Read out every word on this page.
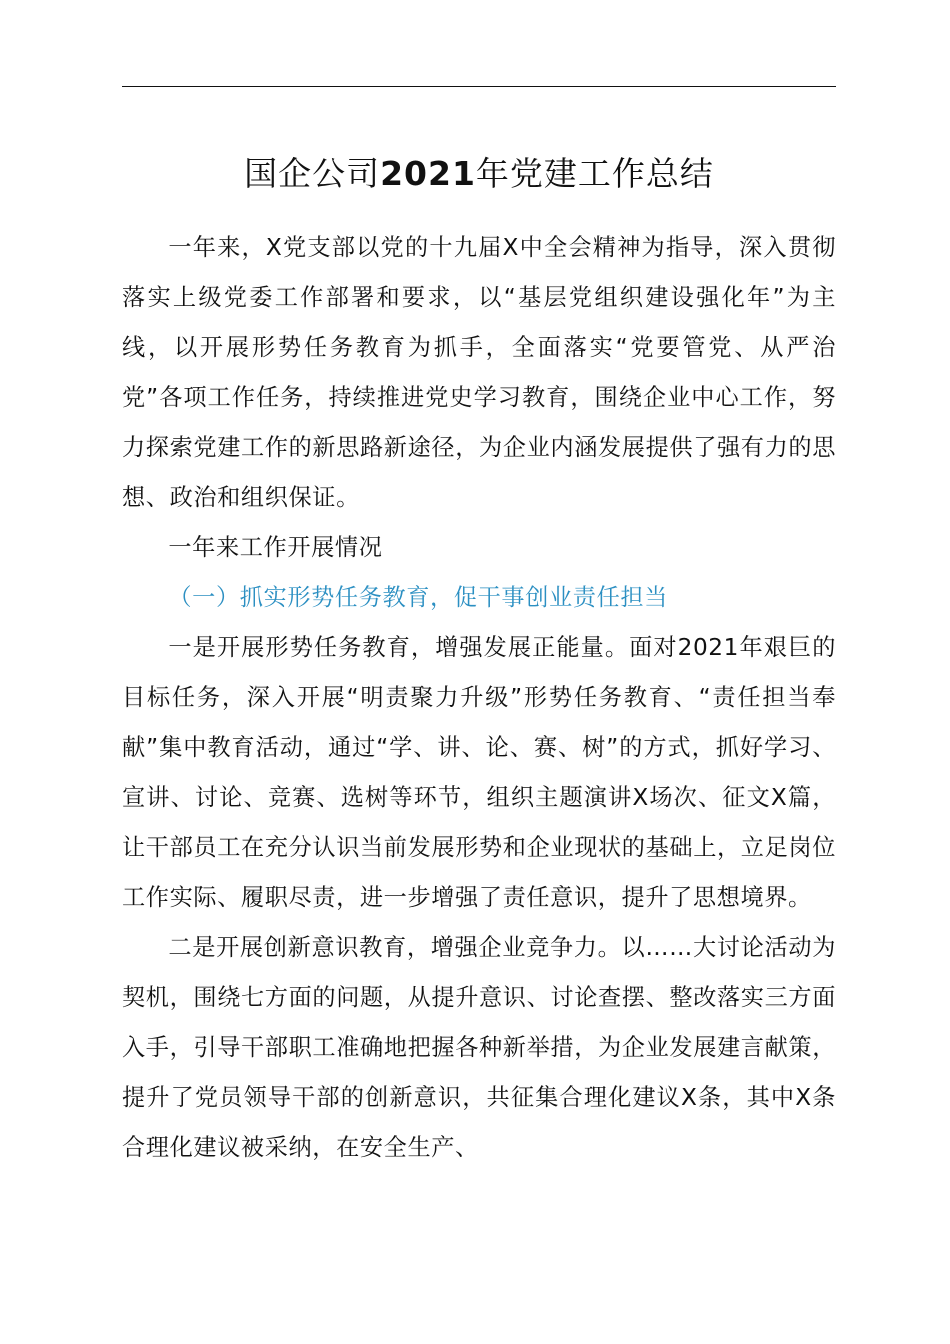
国企公司2021年党建工作总结

一年来，X党支部以党的十九届X中全会精神为指导，深入贯彻落实上级党委工作部署和要求，以“基层党组织建设强化年”为主线，以开展形势任务教育为抓手，全面落实“党要管党、从严治党”各项工作任务，持续推进党史学习教育，围绕企业中心工作，努力探索党建工作的新思路新途径，为企业内涵发展提供了强有力的思想、政治和组织保证。

一年来工作开展情况

（一）抓实形势任务教育，促干事创业责任担当

一是开展形势任务教育，增强发展正能量。面对2021年艰巨的目标任务，深入开展“明责聚力升级”形势任务教育、“责任担当奉献”集中教育活动，通过“学、讲、论、赛、树”的方式，抓好学习、宣讲、讨论、竞赛、选树等环节，组织主题演讲X场次、征文X篇，让干部员工在充分认识当前发展形势和企业现状的基础上，立足岗位工作实际、履职尽责，进一步增强了责任意识，提升了思想境界。

二是开展创新意识教育，增强企业竞争力。以……大讨论活动为契机，围绕七方面的问题，从提升意识、讨论查摆、整改落实三方面入手，引导干部职工准确地把握各种新举措，为企业发展建言献策，提升了党员领导干部的创新意识，共征集合理化建议X条，其中X条合理化建议被采纳，在安全生产、
